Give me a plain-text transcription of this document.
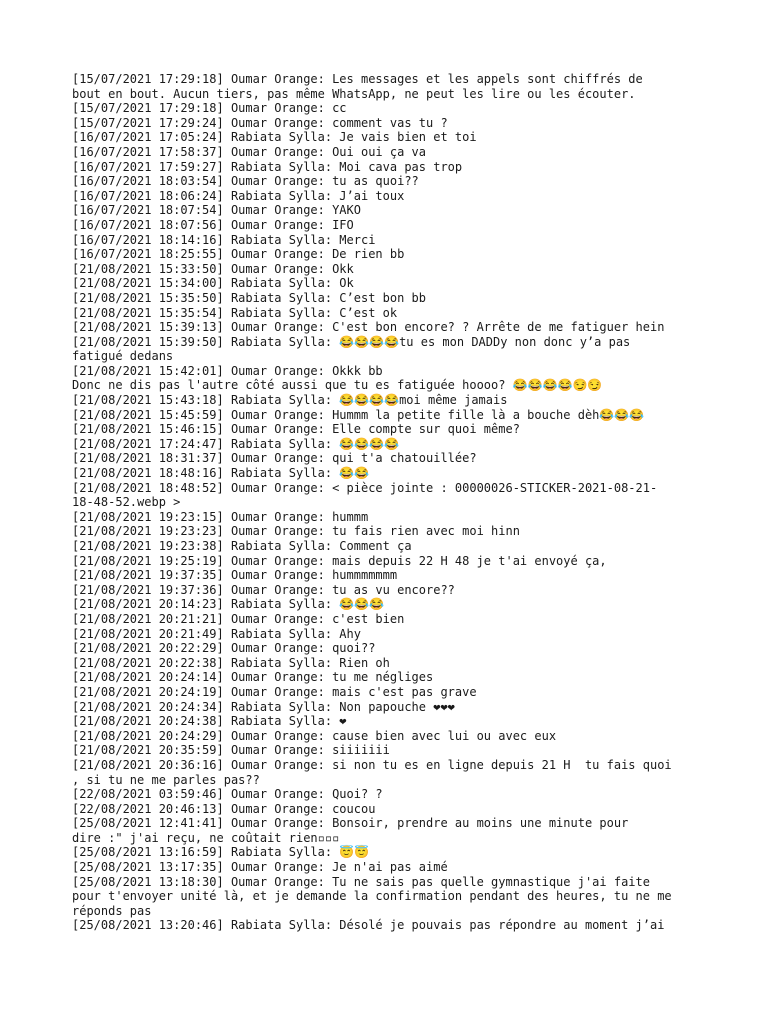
[15/07/2021 17:29:18] Oumar Orange: Les messages et les appels sont chiffrés de
bout en bout. Aucun tiers, pas même WhatsApp, ne peut les lire ou les écouter.
[15/07/2021 17:29:18] Oumar Orange: cc
[15/07/2021 17:29:24] Oumar Orange: comment vas tu ?
[16/07/2021 17:05:24] Rabiata Sylla: Je vais bien et toi
[16/07/2021 17:58:37] Oumar Orange: Oui oui ça va
[16/07/2021 17:59:27] Rabiata Sylla: Moi cava pas trop
[16/07/2021 18:03:54] Oumar Orange: tu as quoi??
[16/07/2021 18:06:24] Rabiata Sylla: J’ai toux
[16/07/2021 18:07:54] Oumar Orange: YAKO
[16/07/2021 18:07:56] Oumar Orange: IFO
[16/07/2021 18:14:16] Rabiata Sylla: Merci
[16/07/2021 18:25:55] Oumar Orange: De rien bb
[21/08/2021 15:33:50] Oumar Orange: Okk
[21/08/2021 15:34:00] Rabiata Sylla: Ok
[21/08/2021 15:35:50] Rabiata Sylla: C’est bon bb
[21/08/2021 15:35:54] Rabiata Sylla: C’est ok
[21/08/2021 15:39:13] Oumar Orange: C'est bon encore? ? Arrête de me fatiguer hein
[21/08/2021 15:39:50] Rabiata Sylla: 😂😂😂😂tu es mon DADDy non donc y’a pas
fatigué dedans
[21/08/2021 15:42:01] Oumar Orange: Okkk bb
Donc ne dis pas l'autre côté aussi que tu es fatiguée hoooo? 😂😂😂😂😏😏
[21/08/2021 15:43:18] Rabiata Sylla: 😂😂😂😂moi même jamais
[21/08/2021 15:45:59] Oumar Orange: Hummm la petite fille là a bouche dèh😂😂😂
[21/08/2021 15:46:15] Oumar Orange: Elle compte sur quoi même?
[21/08/2021 17:24:47] Rabiata Sylla: 😂😂😂😂
[21/08/2021 18:31:37] Oumar Orange: qui t'a chatouillée?
[21/08/2021 18:48:16] Rabiata Sylla: 😂😂
[21/08/2021 18:48:52] Oumar Orange: < pièce jointe : 00000026-STICKER-2021-08-21-
18-48-52.webp >
[21/08/2021 19:23:15] Oumar Orange: hummm
[21/08/2021 19:23:23] Oumar Orange: tu fais rien avec moi hinn
[21/08/2021 19:23:38] Rabiata Sylla: Comment ça
[21/08/2021 19:25:19] Oumar Orange: mais depuis 22 H 48 je t'ai envoyé ça,
[21/08/2021 19:37:35] Oumar Orange: hummmmmmm
[21/08/2021 19:37:36] Oumar Orange: tu as vu encore??
[21/08/2021 20:14:23] Rabiata Sylla: 😂😂😂
[21/08/2021 20:21:21] Oumar Orange: c'est bien
[21/08/2021 20:21:49] Rabiata Sylla: Ahy
[21/08/2021 20:22:29] Oumar Orange: quoi??
[21/08/2021 20:22:38] Rabiata Sylla: Rien oh
[21/08/2021 20:24:14] Oumar Orange: tu me négliges
[21/08/2021 20:24:19] Oumar Orange: mais c'est pas grave
[21/08/2021 20:24:34] Rabiata Sylla: Non papouche ❤❤❤
[21/08/2021 20:24:38] Rabiata Sylla: ❤
[21/08/2021 20:24:29] Oumar Orange: cause bien avec lui ou avec eux
[21/08/2021 20:35:59] Oumar Orange: siiiiiii
[21/08/2021 20:36:16] Oumar Orange: si non tu es en ligne depuis 21 H  tu fais quoi
, si tu ne me parles pas??
[22/08/2021 03:59:46] Oumar Orange: Quoi? ?
[22/08/2021 20:46:13] Oumar Orange: coucou
[25/08/2021 12:41:41] Oumar Orange: Bonsoir, prendre au moins une minute pour
dire :" j'ai reçu, ne coûtait rien▫▫▫
[25/08/2021 13:16:59] Rabiata Sylla: 😇😇
[25/08/2021 13:17:35] Oumar Orange: Je n'ai pas aimé
[25/08/2021 13:18:30] Oumar Orange: Tu ne sais pas quelle gymnastique j'ai faite
pour t'envoyer unité là, et je demande la confirmation pendant des heures, tu ne me
réponds pas
[25/08/2021 13:20:46] Rabiata Sylla: Désolé je pouvais pas répondre au moment j’ai
